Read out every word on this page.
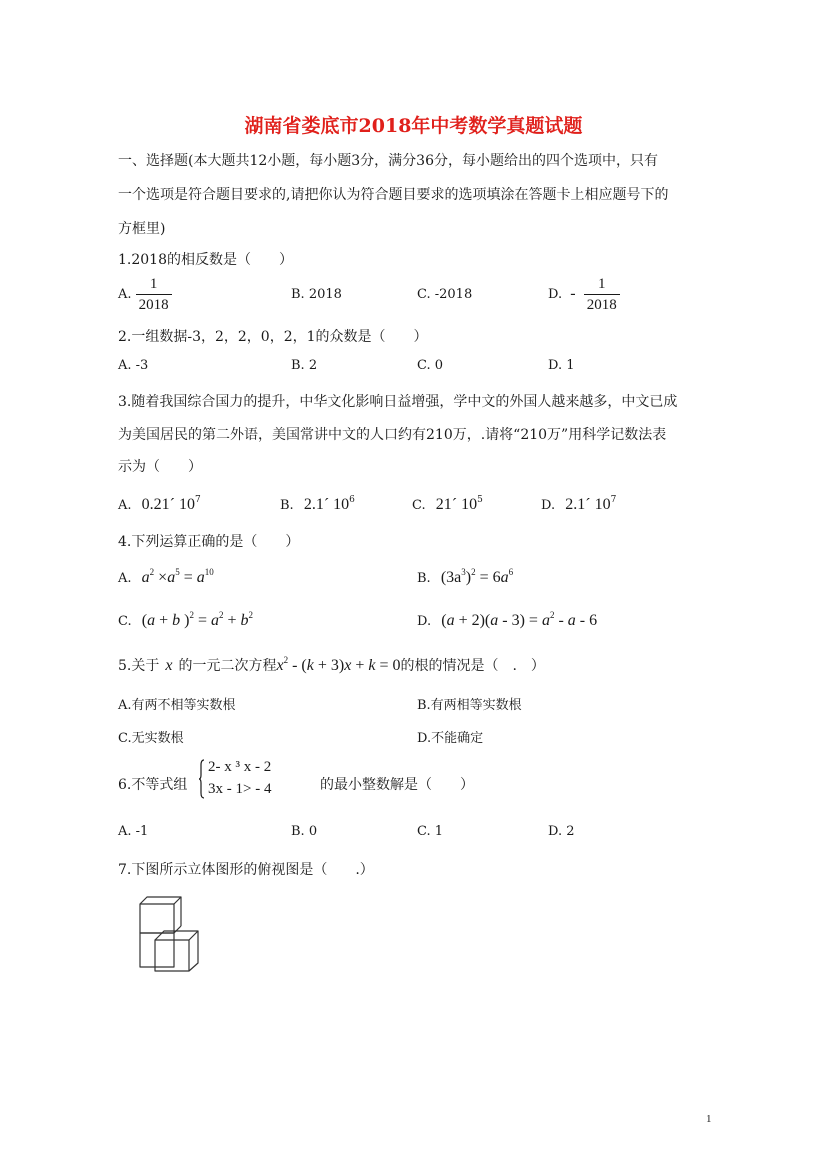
湖南省娄底市2018年中考数学真题试题
一、选择题(本大题共12小题，每小题3分，满分36分，每小题给出的四个选项中，只有
一个选项是符合题目要求的,请把你认为符合题目要求的选项填涂在答题卡上相应题号下的
方框里)
1.2018的相反数是（　　）
A. $\frac{1}{2018}$	B. 2018	C. -2018	D. - $\frac{1}{2018}$
2.一组数据-3，2，2，0，2，1的众数是（　　）
A. -3	B. 2	C. 0	D. 1
3.随着我国综合国力的提升，中华文化影响日益增强，学中文的外国人越来越多，中文已成
为美国居民的第二外语，美国常讲中文的人口约有210万，.请将“210万”用科学记数法表
示为（　　）
A. 0.21´ $10^7$	B. 2.1´ $10^6$	C. 21´ $10^5$	D. 2.1´ $10^7$
4.下列运算正确的是（　　）
A. $a^2 \times a^5 = a^{10}$	B. $(3a^3)^2 = 6a^6$
C. (a + b )$^2 = a^2 + b^2$	D. $(a + 2)(a - 3) = a^2 - a - 6$
5.关于 x 的一元二次方程$x^2 - (k + 3)x + k = 0$的根的情况是（　.　）
A.有两不相等实数根	B.有两相等实数根
C.无实数根	D.不能确定
6.不等式组
2- x ³ x - 2
3x - 1> - 4	的最小整数解是（　　）
A. -1	B. 0	C. 1	D. 2
7.下图所示立体图形的俯视图是（　　.）
1
